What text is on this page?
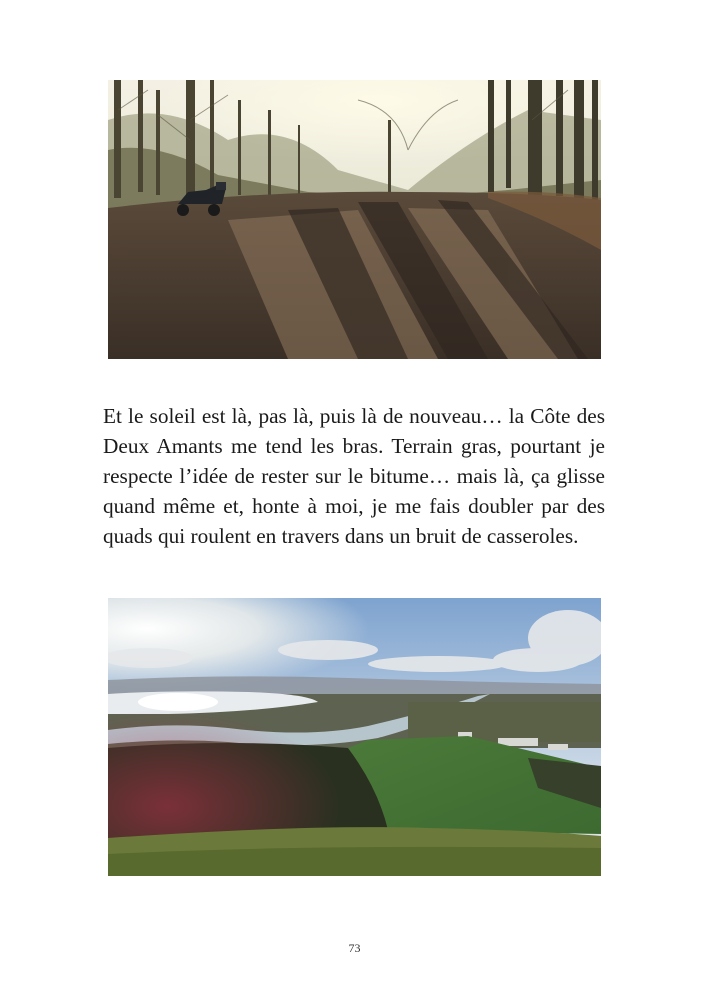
Et le soleil est là, pas là, puis là de nouveau… la Côte des Deux Amants me tend les bras. Terrain gras, pourtant je respecte l’idée de rester sur le bitume… mais là, ça glisse quand même et, honte à moi, je me fais doubler par des quads qui roulent en travers dans un bruit de casseroles.

73
